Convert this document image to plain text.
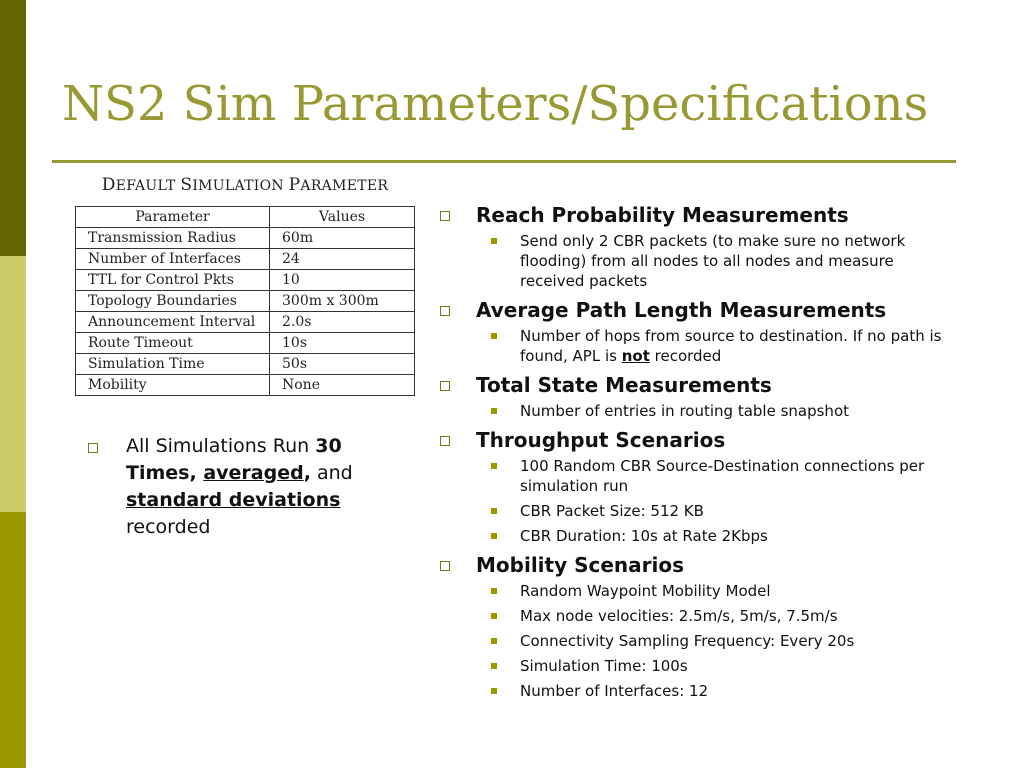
NS2 Sim Parameters/Specifications
DEFAULT SIMULATION PARAMETER
Parameter	Values
Transmission Radius	60m
Number of Interfaces	24
TTL for Control Pkts	10
Topology Boundaries	300m x 300m
Announcement Interval	2.0s
Route Timeout	10s
Simulation Time	50s
Mobility	None
All Simulations Run 30 Times, averaged, and
standard deviations
recorded
Reach Probability Measurements
Send only 2 CBR packets (to make sure no network flooding) from all nodes to all nodes and measure received packets
Average Path Length Measurements
Number of hops from source to destination. If no path is found, APL is not recorded
Total State Measurements
Number of entries in routing table snapshot
Throughput Scenarios
100 Random CBR Source-Destination connections per simulation run
CBR Packet Size: 512 KB
CBR Duration: 10s at Rate 2Kbps
Mobility Scenarios
Random Waypoint Mobility Model
Max node velocities: 2.5m/s, 5m/s, 7.5m/s
Connectivity Sampling Frequency: Every 20s
Simulation Time: 100s
Number of Interfaces: 12
